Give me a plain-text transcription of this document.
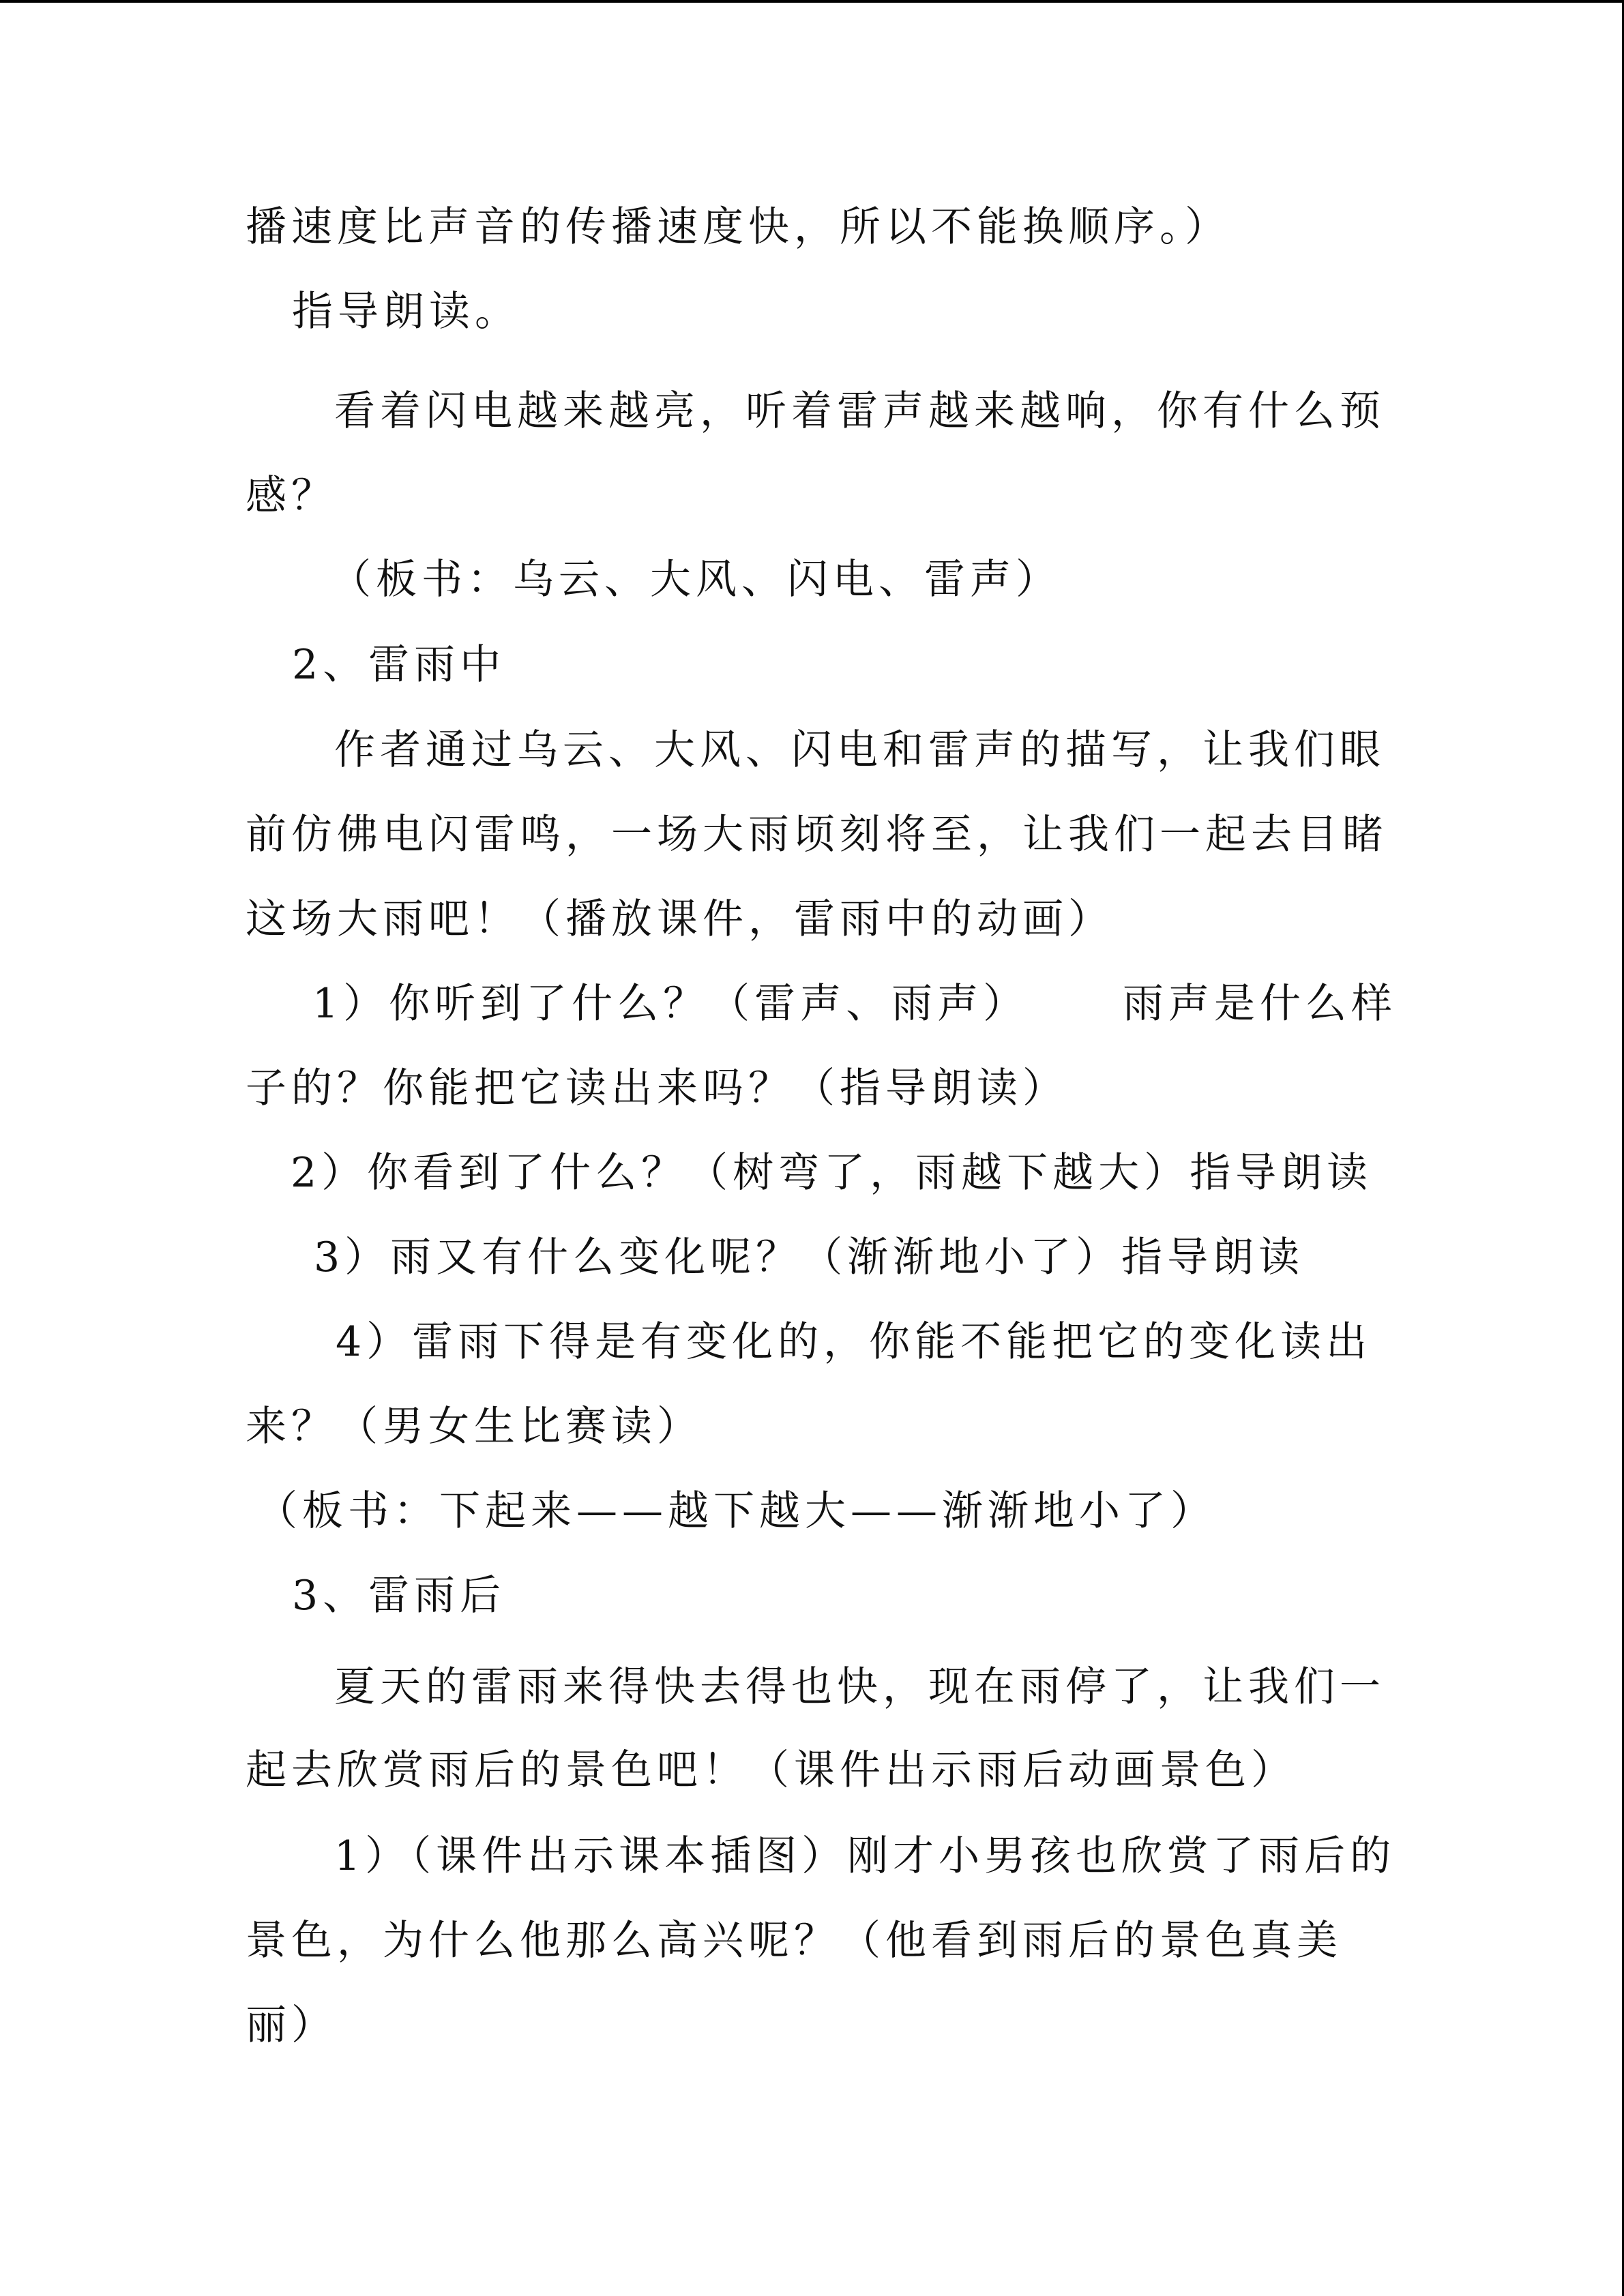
播速度比声音的传播速度快，所以不能换顺序。）
指导朗读。
看着闪电越来越亮，听着雷声越来越响，你有什么预
感？
（板书：乌云、大风、闪电、雷声）
2、雷雨中
作者通过乌云、大风、闪电和雷声的描写，让我们眼
前仿佛电闪雷鸣，一场大雨顷刻将至，让我们一起去目睹
这场大雨吧！（播放课件，雷雨中的动画）
1）你听到了什么？（雷声、雨声） 雨声是什么样
子的？你能把它读出来吗？（指导朗读）
2）你看到了什么？（树弯了，雨越下越大）指导朗读
3）雨又有什么变化呢？（渐渐地小了）指导朗读
4）雷雨下得是有变化的，你能不能把它的变化读出
来？（男女生比赛读）
（板书：下起来——越下越大——渐渐地小了）
3、雷雨后
夏天的雷雨来得快去得也快，现在雨停了，让我们一
起去欣赏雨后的景色吧！（课件出示雨后动画景色）
1）（课件出示课本插图）刚才小男孩也欣赏了雨后的
景色，为什么他那么高兴呢？（他看到雨后的景色真美
丽）
